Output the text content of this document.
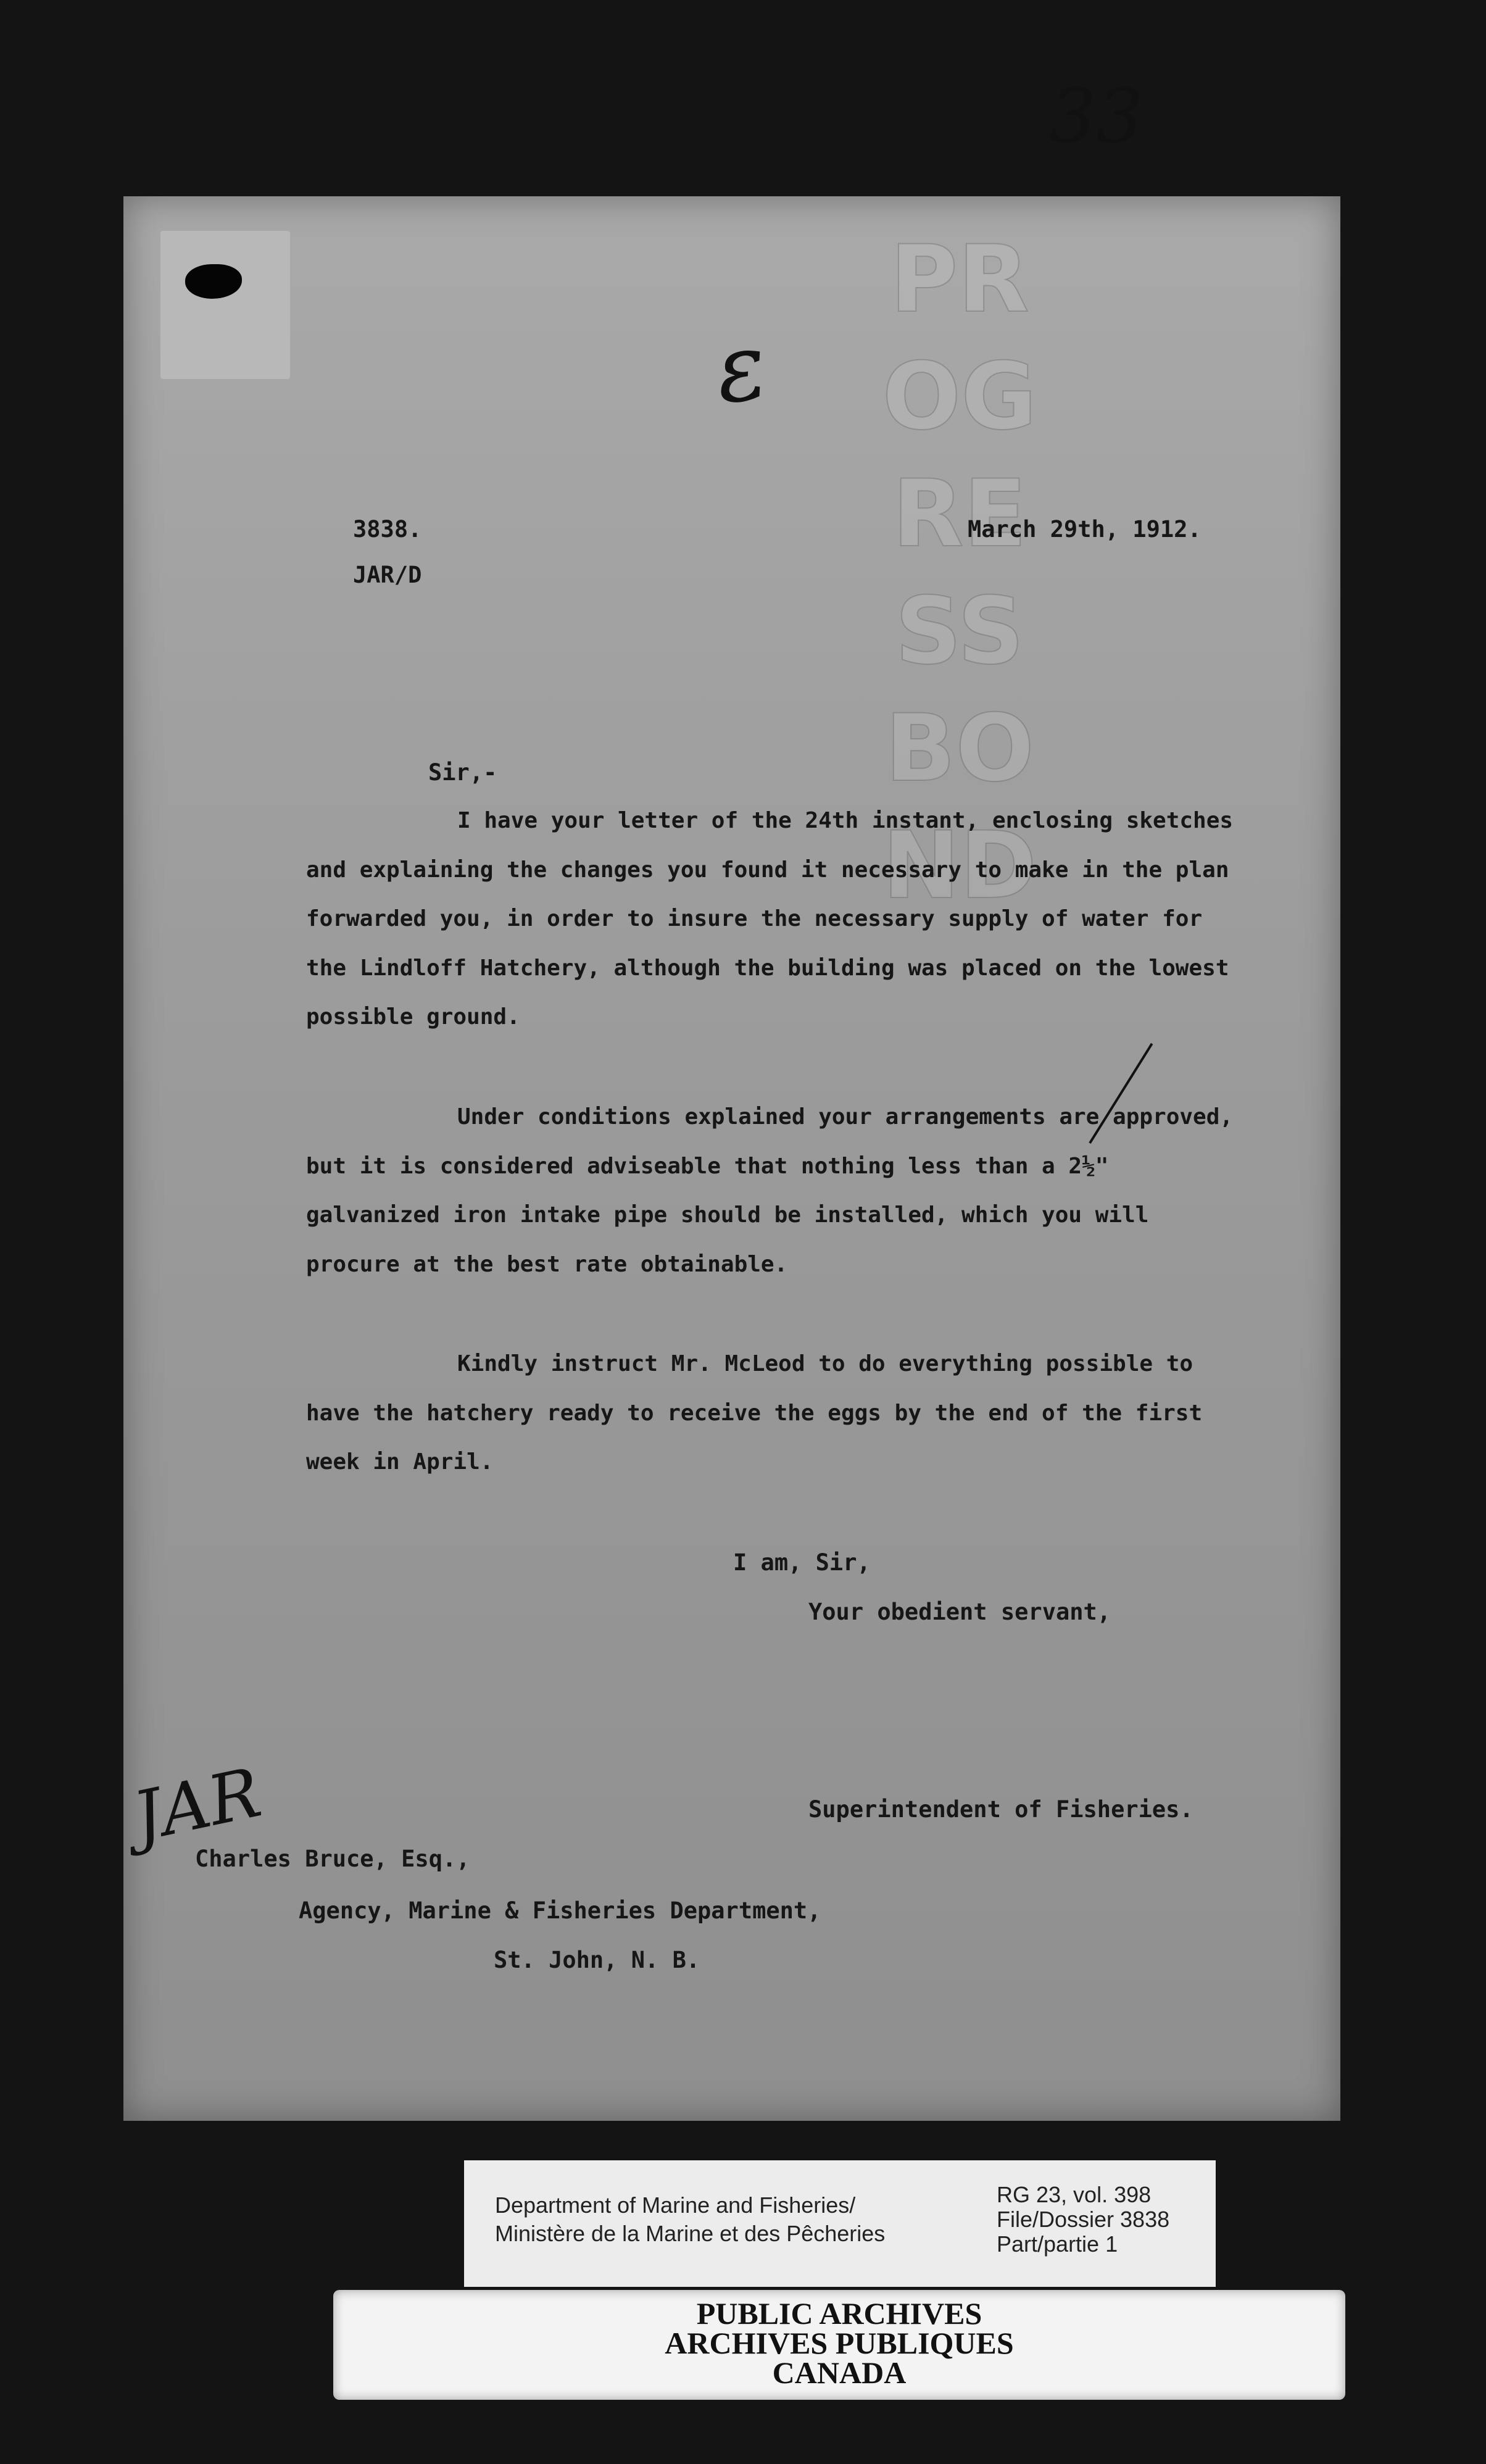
PROGRESS BOND
33
3838.
JAR/D
March 29th, 1912.
ε
Sir,-
I have your letter of the 24th instant, enclosing sketches and explaining the changes you found it necessary to make in the plan forwarded you, in order to insure the necessary supply of water for the Lindloff Hatchery, although the building was placed on the lowest possible ground.
Under conditions explained your arrangements are approved, but it is considered adviseable that nothing less than a 2½" galvanized iron intake pipe should be installed, which you will procure at the best rate obtainable.
Kindly instruct Mr. McLeod to do everything possible to have the hatchery ready to receive the eggs by the end of the first week in April.
I am, Sir,
Your obedient servant,
Superintendent of Fisheries.
JAR
Charles Bruce, Esq.,
Agency, Marine & Fisheries Department,
St. John, N. B.
Department of Marine and Fisheries/
Ministère de la Marine et des Pêcheries
RG 23, vol. 398
File/Dossier 3838
Part/partie 1
PUBLIC ARCHIVES
ARCHIVES PUBLIQUES
CANADA
